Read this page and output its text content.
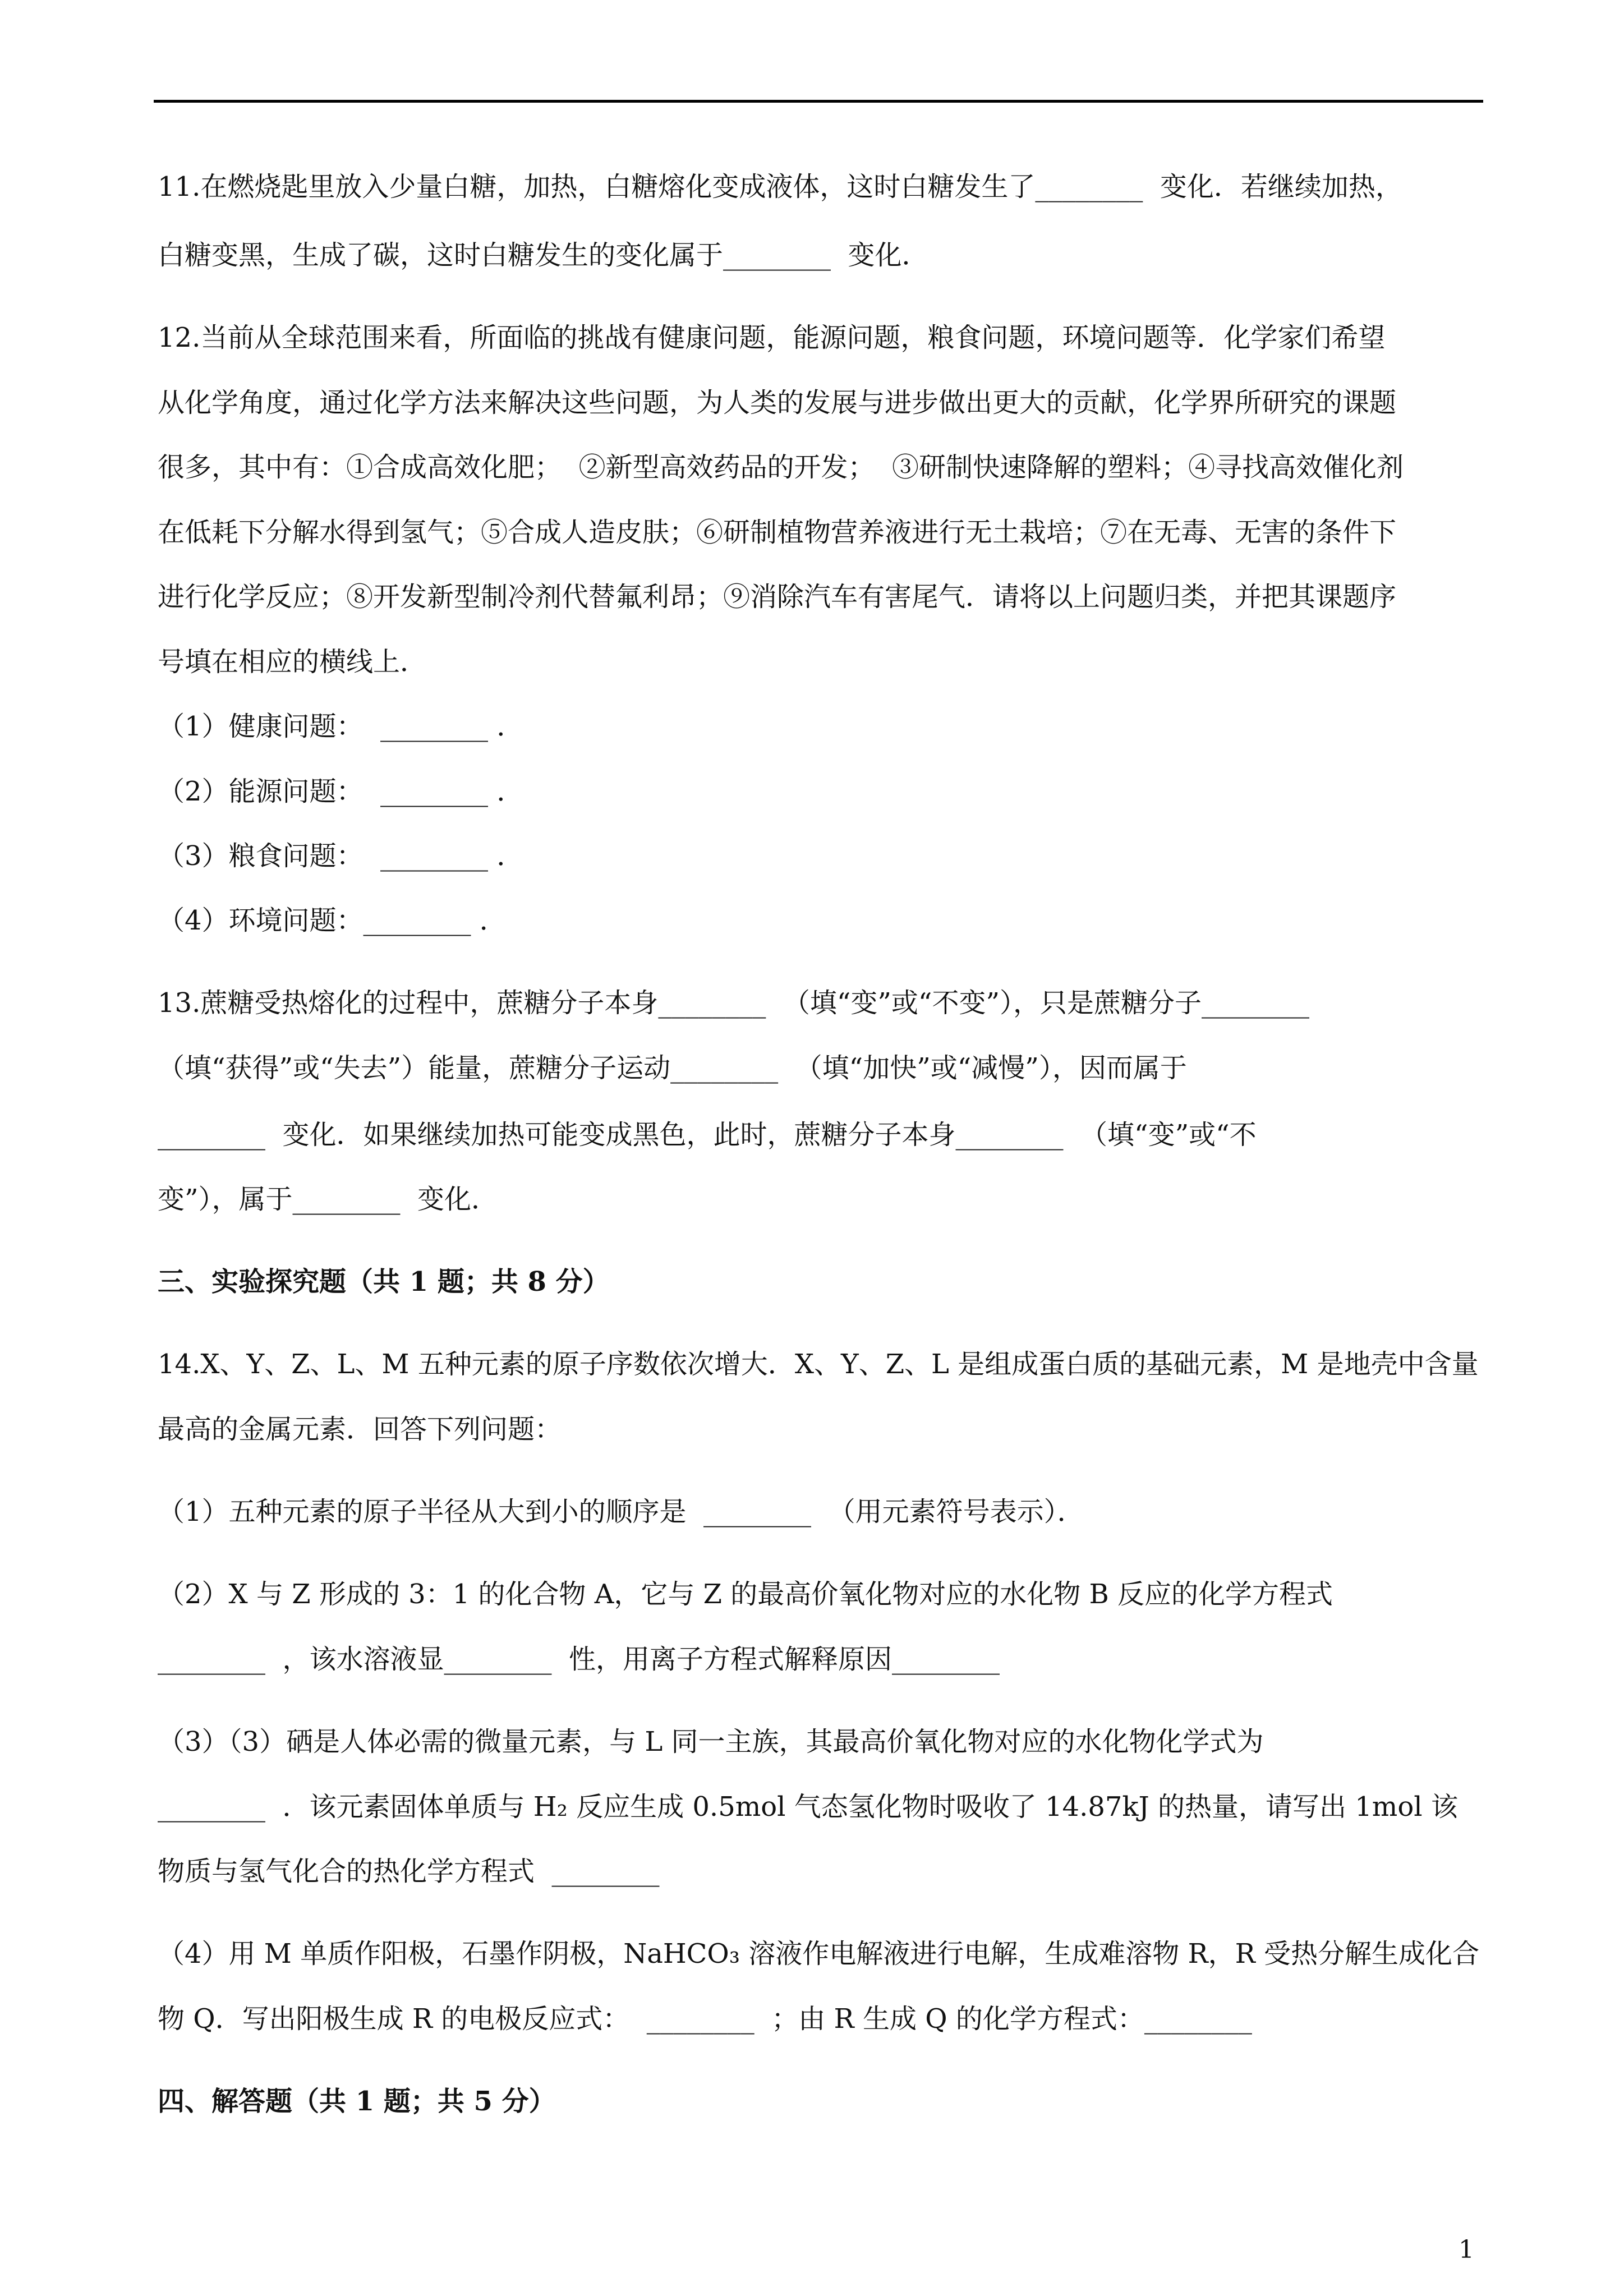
11.在燃烧匙里放入少量白糖，加热，白糖熔化变成液体，这时白糖发生了________  变化．若继续加热，
白糖变黑，生成了碳，这时白糖发生的变化属于________  变化．
12.当前从全球范围来看，所面临的挑战有健康问题，能源问题，粮食问题，环境问题等．化学家们希望
从化学角度，通过化学方法来解决这些问题，为人类的发展与进步做出更大的贡献，化学界所研究的课题
很多，其中有：①合成高效化肥；  ②新型高效药品的开发；  ③研制快速降解的塑料；④寻找高效催化剂
在低耗下分解水得到氢气；⑤合成人造皮肤；⑥研制植物营养液进行无土栽培；⑦在无毒、无害的条件下
进行化学反应；⑧开发新型制冷剂代替氟利昂；⑨消除汽车有害尾气．请将以上问题归类，并把其课题序
号填在相应的横线上．
（1）健康问题：  ________ ．
（2）能源问题：  ________ ．
（3）粮食问题：  ________ ．
（4）环境问题：________ ．
13.蔗糖受热熔化的过程中，蔗糖分子本身________  （填“变”或“不变”），只是蔗糖分子________
（填“获得”或“失去”）能量，蔗糖分子运动________  （填“加快”或“减慢”），因而属于
________  变化．如果继续加热可能变成黑色，此时，蔗糖分子本身________  （填“变”或“不
变”），属于________  变化．
三、实验探究题（共 1 题；共 8 分）
14.X、Y、Z、L、M 五种元素的原子序数依次增大．X、Y、Z、L 是组成蛋白质的基础元素，M 是地壳中含量
最高的金属元素．回答下列问题：
（1）五种元素的原子半径从大到小的顺序是  ________  （用元素符号表示）．
（2）X 与 Z 形成的 3：1 的化合物 A，它与 Z 的最高价氧化物对应的水化物 B 反应的化学方程式
________  ，该水溶液显________  性，用离子方程式解释原因________
（3）（3）硒是人体必需的微量元素，与 L 同一主族，其最高价氧化物对应的水化物化学式为
________  ．该元素固体单质与 H₂ 反应生成 0.5mol 气态氢化物时吸收了 14.87kJ 的热量，请写出 1mol 该
物质与氢气化合的热化学方程式  ________
（4）用 M 单质作阳极，石墨作阴极，NaHCO₃ 溶液作电解液进行电解，生成难溶物 R，R 受热分解生成化合
物 Q．写出阳极生成 R 的电极反应式：  ________  ；由 R 生成 Q 的化学方程式：________
四、解答题（共 1 题；共 5 分）
1
